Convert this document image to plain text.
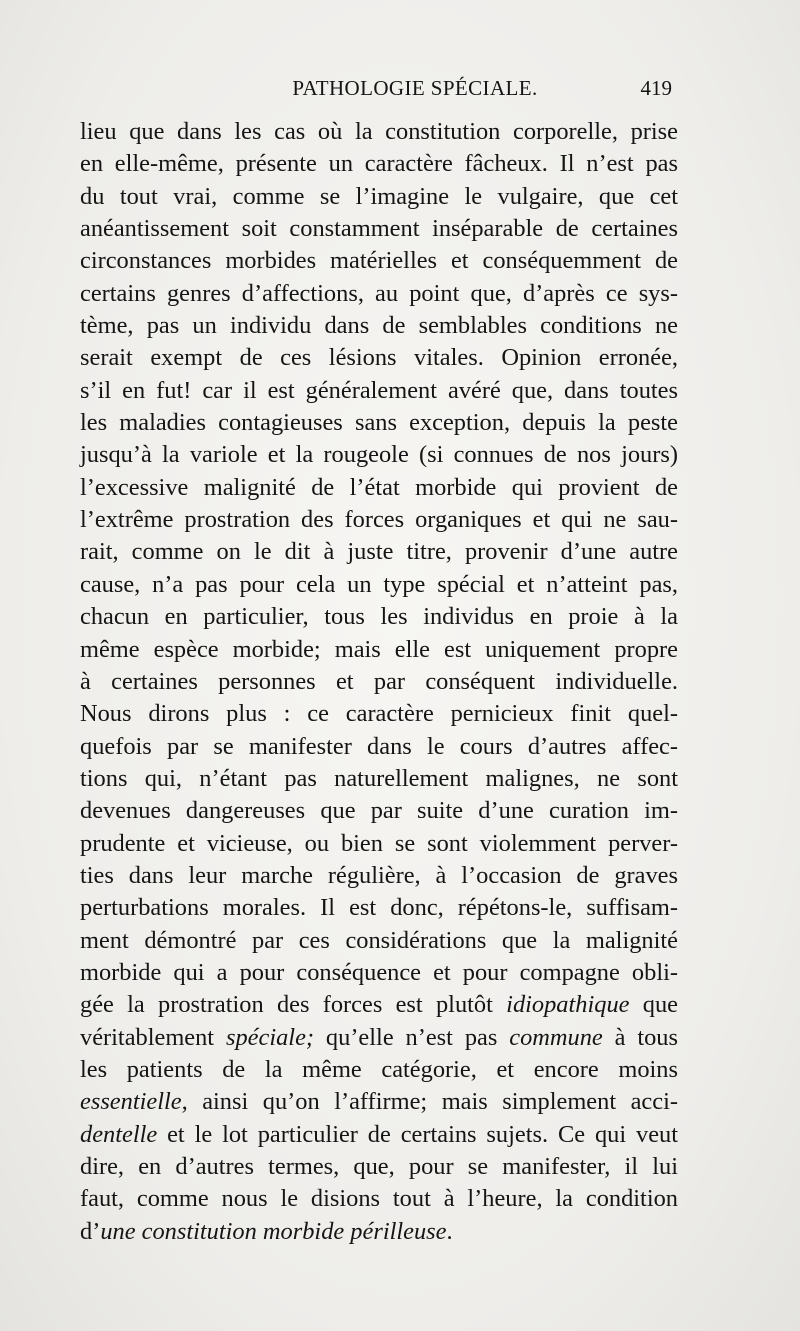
PATHOLOGIE SPÉCIALE.	419
lieu que dans les cas où la constitution corporelle, prise
en elle-même, présente un caractère fâcheux. Il n’est pas
du tout vrai, comme se l’imagine le vulgaire, que cet
anéantissement soit constamment inséparable de certaines
circonstances morbides matérielles et conséquemment de
certains genres d’affections, au point que, d’après ce sys-
tème, pas un individu dans de semblables conditions ne
serait exempt de ces lésions vitales. Opinion erronée,
s’il en fut! car il est généralement avéré que, dans toutes
les maladies contagieuses sans exception, depuis la peste
jusqu’à la variole et la rougeole (si connues de nos jours)
l’excessive malignité de l’état morbide qui provient de
l’extrême prostration des forces organiques et qui ne sau-
rait, comme on le dit à juste titre, provenir d’une autre
cause, n’a pas pour cela un type spécial et n’atteint pas,
chacun en particulier, tous les individus en proie à la
même espèce morbide; mais elle est uniquement propre
à certaines personnes et par conséquent individuelle.
Nous dirons plus : ce caractère pernicieux finit quel-
quefois par se manifester dans le cours d’autres affec-
tions qui, n’étant pas naturellement malignes, ne sont
devenues dangereuses que par suite d’une curation im-
prudente et vicieuse, ou bien se sont violemment perver-
ties dans leur marche régulière, à l’occasion de graves
perturbations morales. Il est donc, répétons-le, suffisam-
ment démontré par ces considérations que la malignité
morbide qui a pour conséquence et pour compagne obli-
gée la prostration des forces est plutôt idiopathique que
véritablement spéciale; qu’elle n’est pas commune à tous
les patients de la même catégorie, et encore moins
essentielle, ainsi qu’on l’affirme; mais simplement acci-
dentelle et le lot particulier de certains sujets. Ce qui veut
dire, en d’autres termes, que, pour se manifester, il lui
faut, comme nous le disions tout à l’heure, la condition
d’une constitution morbide périlleuse.
